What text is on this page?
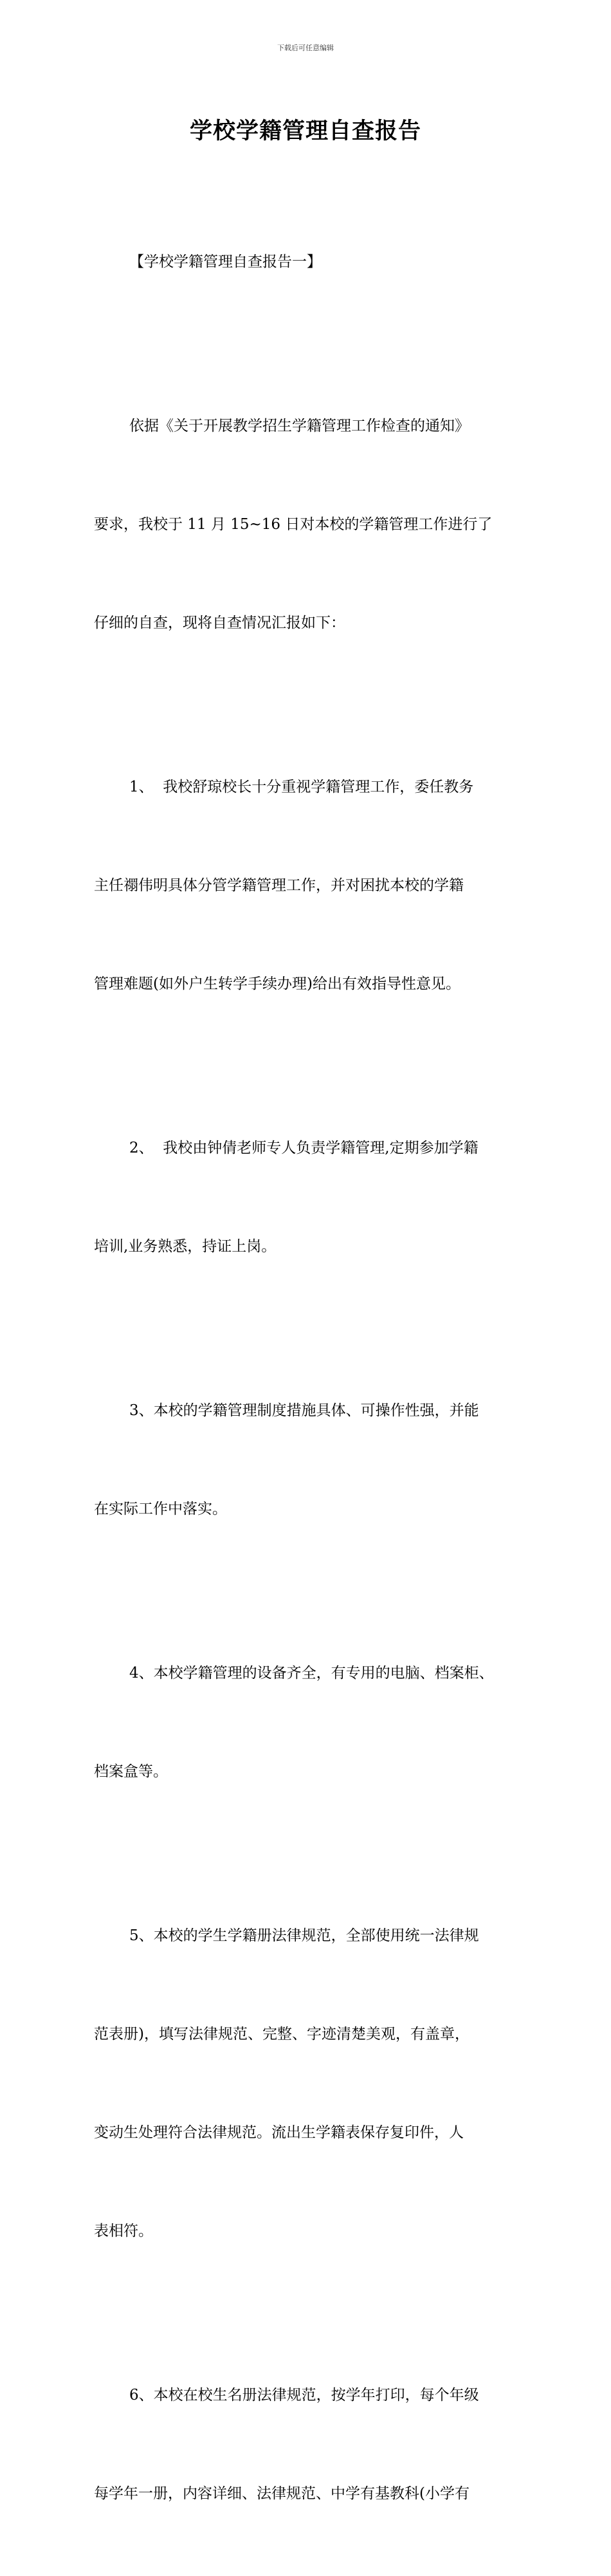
下载后可任意编辑
学校学籍管理自查报告

【学校学籍管理自查报告一】

依据《关于开展教学招生学籍管理工作检查的通知》

要求，我校于 11 月 15~16 日对本校的学籍管理工作进行了

仔细的自查，现将自查情况汇报如下：

1、  我校舒琼校长十分重视学籍管理工作，委任教务

主任禤伟明具体分管学籍管理工作，并对困扰本校的学籍

管理难题(如外户生转学手续办理)给出有效指导性意见。

2、  我校由钟倩老师专人负责学籍管理,定期参加学籍

培训,业务熟悉，持证上岗。

3、本校的学籍管理制度措施具体、可操作性强，并能

在实际工作中落实。

4、本校学籍管理的设备齐全，有专用的电脑、档案柜、

档案盒等。

5、本校的学生学籍册法律规范，全部使用统一法律规

范表册)，填写法律规范、完整、字迹清楚美观，有盖章，

变动生处理符合法律规范。流出生学籍表保存复印件，人

表相符。

6、本校在校生名册法律规范，按学年打印，每个年级

每学年一册，内容详细、法律规范、中学有基教科(小学有
